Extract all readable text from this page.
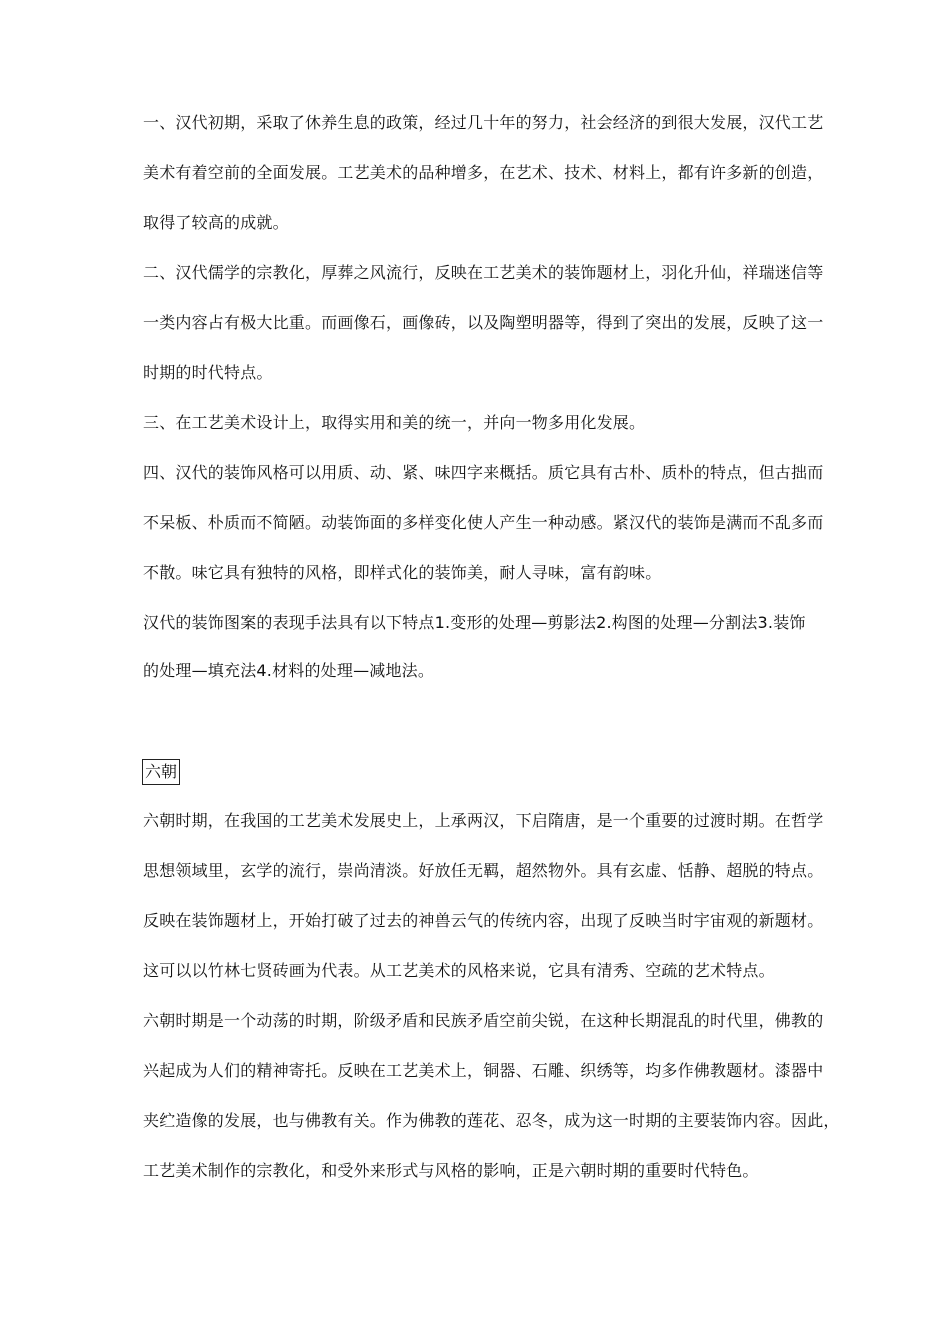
一、汉代初期，采取了休养生息的政策，经过几十年的努力，社会经济的到很大发展，汉代工艺
美术有着空前的全面发展。工艺美术的品种增多，在艺术、技术、材料上，都有许多新的创造，
取得了较高的成就。
二、汉代儒学的宗教化，厚葬之风流行，反映在工艺美术的装饰题材上，羽化升仙，祥瑞迷信等
一类内容占有极大比重。而画像石，画像砖，以及陶塑明器等，得到了突出的发展，反映了这一
时期的时代特点。
三、在工艺美术设计上，取得实用和美的统一，并向一物多用化发展。
四、汉代的装饰风格可以用质、动、紧、味四字来概括。质它具有古朴、质朴的特点，但古拙而
不呆板、朴质而不简陋。动装饰面的多样变化使人产生一种动感。紧汉代的装饰是满而不乱多而
不散。味它具有独特的风格，即样式化的装饰美，耐人寻味，富有韵味。
汉代的装饰图案的表现手法具有以下特点1.变形的处理—剪影法2.构图的处理—分割法3.装饰
的处理—填充法4.材料的处理—减地法。
六朝
六朝时期，在我国的工艺美术发展史上，上承两汉，下启隋唐，是一个重要的过渡时期。在哲学
思想领域里，玄学的流行，崇尚清淡。好放任无羁，超然物外。具有玄虚、恬静、超脱的特点。
反映在装饰题材上，开始打破了过去的神兽云气的传统内容，出现了反映当时宇宙观的新题材。
这可以以竹林七贤砖画为代表。从工艺美术的风格来说，它具有清秀、空疏的艺术特点。
六朝时期是一个动荡的时期，阶级矛盾和民族矛盾空前尖锐，在这种长期混乱的时代里，佛教的
兴起成为人们的精神寄托。反映在工艺美术上，铜器、石雕、织绣等，均多作佛教题材。漆器中
夹纻造像的发展，也与佛教有关。作为佛教的莲花、忍冬，成为这一时期的主要装饰内容。因此，
工艺美术制作的宗教化，和受外来形式与风格的影响，正是六朝时期的重要时代特色。
